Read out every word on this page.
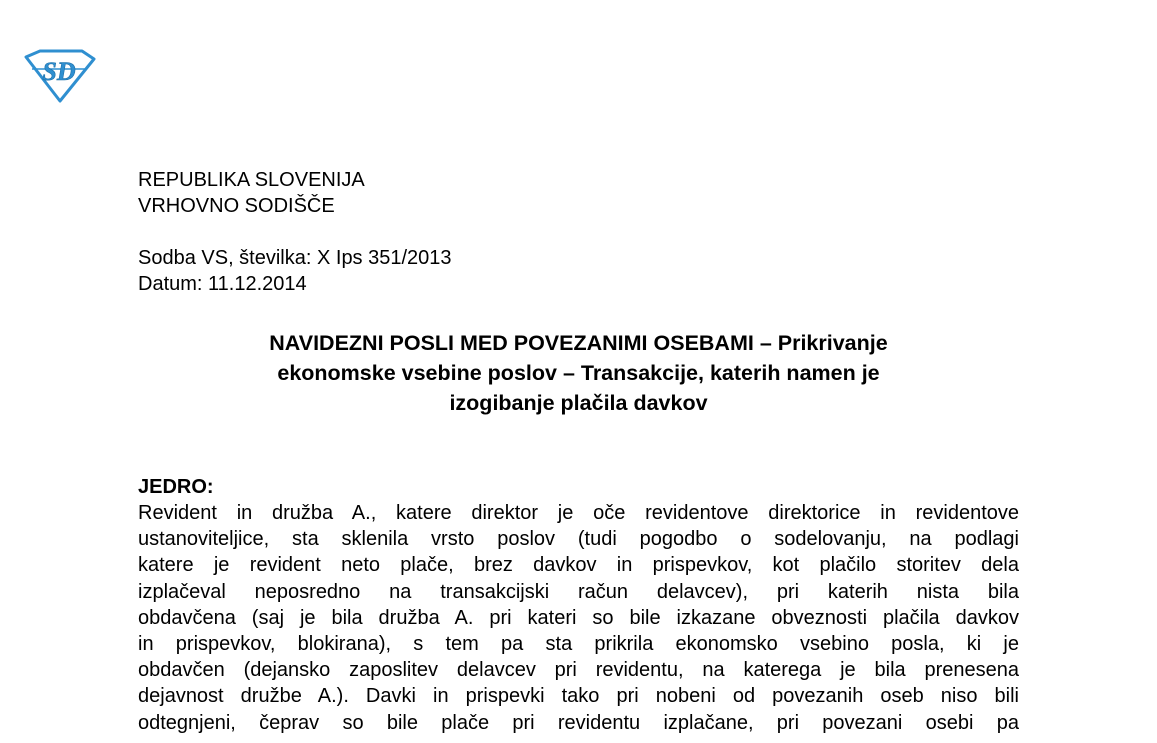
SD

REPUBLIKA SLOVENIJA
VRHOVNO SODIŠČE

Sodba VS, številka: X Ips 351/2013
Datum: 11.12.2014

NAVIDEZNI POSLI MED POVEZANIMI OSEBAMI – Prikrivanje
ekonomske vsebine poslov – Transakcije, katerih namen je
izogibanje plačila davkov
JEDRO:
Revident in družba A., katere direktor je oče revidentove direktorice in revidentove
ustanoviteljice, sta sklenila vrsto poslov (tudi pogodbo o sodelovanju, na podlagi
katere je revident neto plače, brez davkov in prispevkov, kot plačilo storitev dela
izplačeval neposredno na transakcijski račun delavcev), pri katerih nista bila
obdavčena (saj je bila družba A. pri kateri so bile izkazane obveznosti plačila davkov
in prispevkov, blokirana), s tem pa sta prikrila ekonomsko vsebino posla, ki je
obdavčen (dejansko zaposlitev delavcev pri revidentu, na katerega je bila prenesena
dejavnost družbe A.). Davki in prispevki tako pri nobeni od povezanih oseb niso bili
odtegnjeni, čeprav so bile plače pri revidentu izplačane, pri povezani osebi pa
